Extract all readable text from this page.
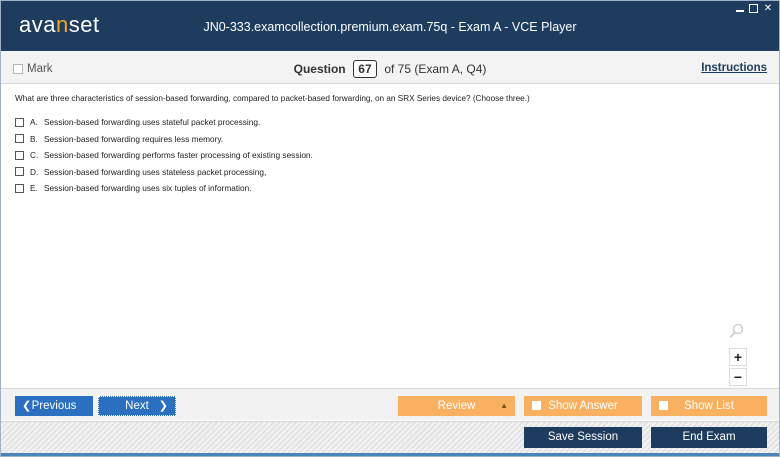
avanset	JN0-333.examcollection.premium.exam.75q - Exam A - VCE Player
✕
Mark	Question 67 of 75 (Exam A, Q4)	Instructions
What are three characteristics of session-based forwarding, compared to packet-based forwarding, on an SRX Series device? (Choose three.)
A. Session-based forwarding uses stateful packet processing.
B. Session-based forwarding requires less memory.
C. Session-based forwarding performs faster processing of existing session.
D. Session-based forwarding uses stateless packet processing,
E. Session-based forwarding uses six tuples of information.
+
−
❮ Previous	Next ❯	Review	▲	Show Answer	Show List
Save Session	End Exam
